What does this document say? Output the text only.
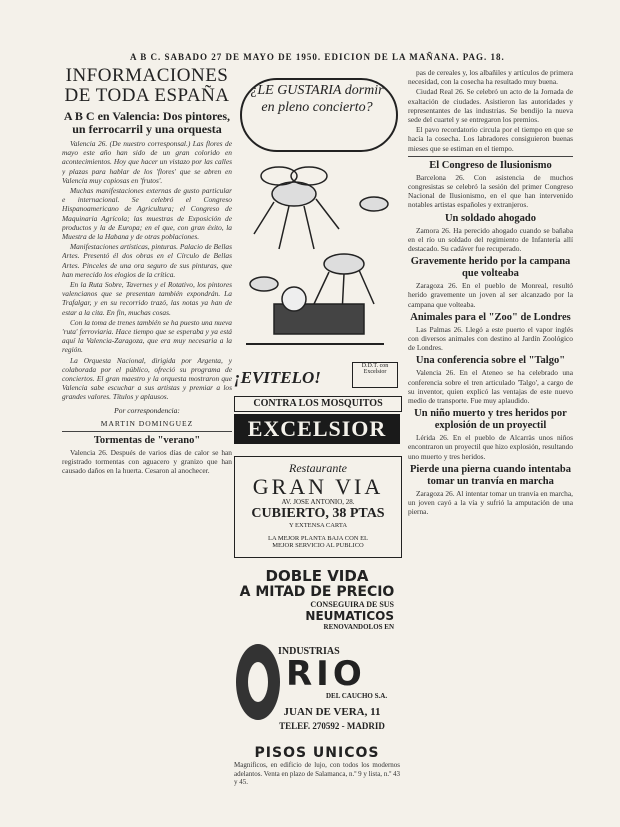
A B C. SABADO 27 DE MAYO DE 1950. EDICION DE LA MAÑANA. PAG. 18.
INFORMACIONES DE TODA ESPAÑA
A B C en Valencia: Dos pintores, un ferrocarril y una orquesta

Valencia 26. (De nuestro corresponsal.) Las flores de mayo este año han sido de un gran colorido en acontecimientos. Hoy que hacer un vistazo por las calles y plazas para hablar de los 'flores' que se abren en Valencia muy copiosas en 'frutos'.

Muchas manifestaciones externas de gusto particular e internacional. Se celebró el Congreso Hispanoamericano de Agricultura; el Congreso de Maquinaria Agrícola; las muestras de Exposición de productos y la de Europa; en el que, con gran éxito, la Muestra de la Habana y de otras poblaciones.

Manifestaciones artísticas, pinturas. Palacio de Bellas Artes. Presentó él dos obras en el Círculo de Bellas Artes. Pinceles de una ora seguro de sus pinturas, que han merecido los elogios de la crítica.

En la Ruta Sobre, Tavernes y el Rotativo, los pintores valencianos que se presentan también expondrán. La Trafalgar, y en su recorrido trazó, las notas ya han de estar a la cita. En fin, muchas cosas.

Con la toma de trenes también se ha puesto una nueva 'ruta' ferroviaria. Hace tiempo que se esperaba y ya está aquí la Valencia-Zaragoza, que era muy necesaria a la región.

La Orquesta Nacional, dirigida por Argenta, y colaborada por el público, ofreció su programa de conciertos. El gran maestro y la orquesta mostraron que Valencia sabe escuchar a sus artistas y premiar a los grandes valores. Títulos y aplausos.

Por correspondencia:
MARTIN DOMINGUEZ
Tormentas de "verano"

Valencia 26. Después de varios días de calor se han registrado tormentas con aguacero y granizo que han causado daños en la huerta. Cesaron al anochecer.

¿LE GUSTARIA dormir en pleno concierto?
¡EVITELO!
D.D.T. con Excelsior
CONTRA LOS MOSQUITOS
EXCELSIOR
Restaurante
GRAN VIA
AV. JOSE ANTONIO, 28.
CUBIERTO, 38 PTAS
Y EXTENSA CARTA
LA MEJOR PLANTA BAJA CON EL
MEJOR SERVICIO AL PUBLICO
DOBLE VIDA
A MITAD DE PRECIO
CONSEGUIRA DE SUS
NEUMATICOS
RENOVANDOLOS EN
INDUSTRIAS
RIO
DEL CAUCHO S.A.
JUAN DE VERA, 11
TELEF. 270592 - MADRID
PISOS UNICOS
Magnificos, en edificio de lujo, con todos los modernos adelantos. Venta en plazo de Salamanca, n.º 9 y lista, n.º 43 y 45.

pas de cereales y, los albañiles y artículos de primera necesidad, con la cosecha ha resultado muy buena.

Ciudad Real 26. Se celebró un acto de la Jornada de exaltación de ciudades. Asistieron las autoridades y representantes de las industrias. Se bendijo la nueva sede del cuartel y se entregaron los premios.

El pavo recordatorio circula por el tiempo en que se hacía la cosecha. Los labradores consiguieron buenas mieses que se estiman en el tiempo.

El Congreso de Ilusionismo

Barcelona 26. Con asistencia de muchos congresistas se celebró la sesión del primer Congreso Nacional de Ilusionismo, en el que han intervenido notables artistas españoles y extranjeros.

Un soldado ahogado

Zamora 26. Ha perecido ahogado cuando se bañaba en el río un soldado del regimiento de Infantería allí destacado. Su cadáver fue recuperado.

Gravemente herido por la campana que volteaba

Zaragoza 26. En el pueblo de Monreal, resultó herido gravemente un joven al ser alcanzado por la campana que volteaba.

Animales para el "Zoo" de Londres

Las Palmas 26. Llegó a este puerto el vapor inglés con diversos animales con destino al Jardín Zoológico de Londres.

Una conferencia sobre el "Talgo"

Valencia 26. En el Ateneo se ha celebrado una conferencia sobre el tren articulado 'Talgo', a cargo de su inventor, quien explicó las ventajas de este nuevo medio de transporte. Fue muy aplaudido.

Un niño muerto y tres heridos por explosión de un proyectil

Lérida 26. En el pueblo de Alcarràs unos niños encontraron un proyectil que hizo explosión, resultando uno muerto y tres heridos.

Pierde una pierna cuando intentaba tomar un tranvía en marcha

Zaragoza 26. Al intentar tomar un tranvía en marcha, un joven cayó a la vía y sufrió la amputación de una pierna.
